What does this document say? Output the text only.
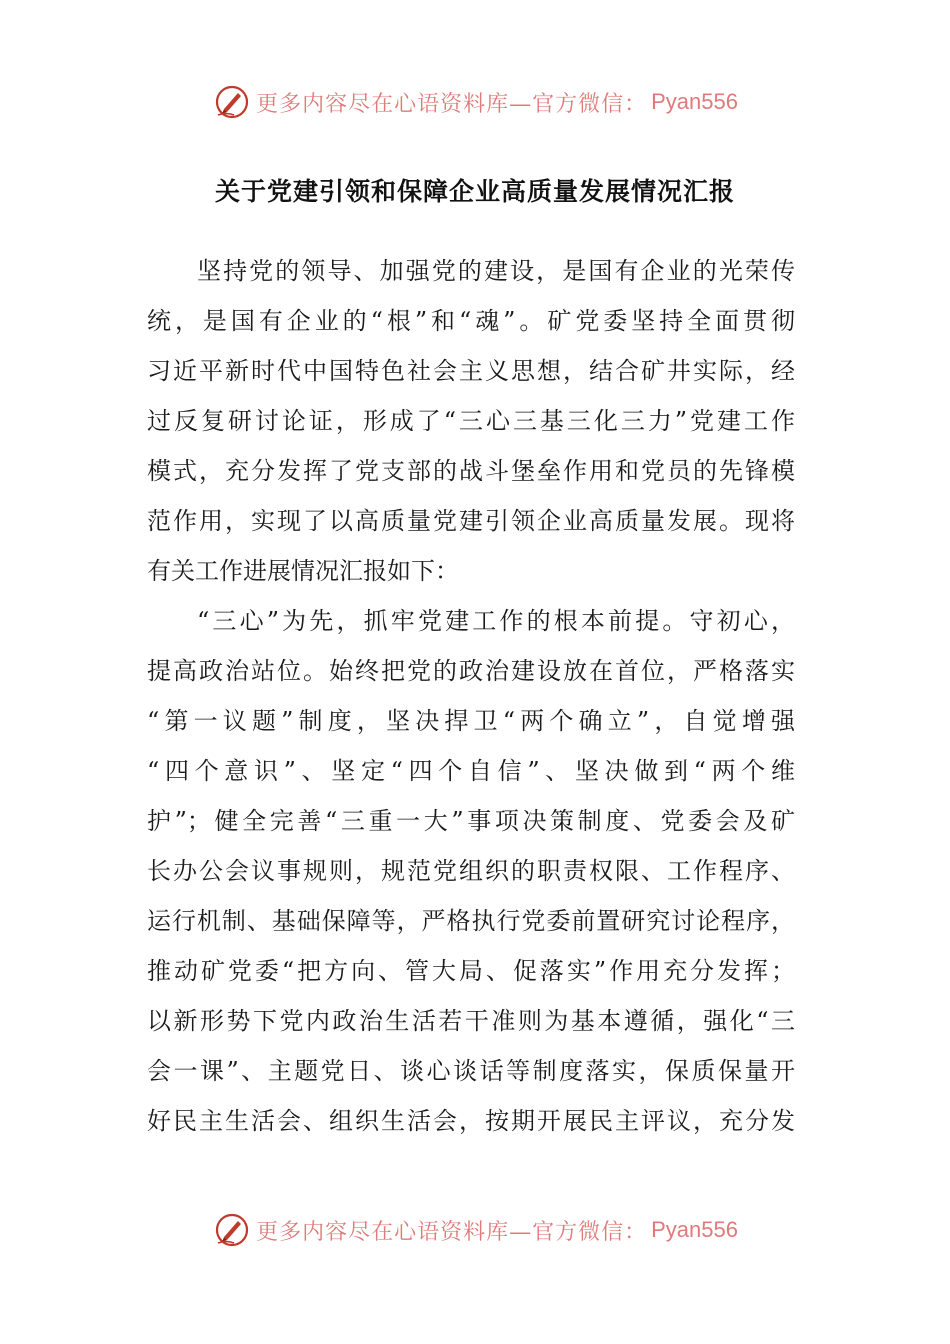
更多内容尽在心语资料库—官方微信： Pyan556
关于党建引领和保障企业高质量发展情况汇报
坚持党的领导、加强党的建设，是国有企业的光荣传
统，是国有企业的“根”和“魂”。矿党委坚持全面贯彻
习近平新时代中国特色社会主义思想，结合矿井实际，经
过反复研讨论证，形成了“三心三基三化三力”党建工作
模式，充分发挥了党支部的战斗堡垒作用和党员的先锋模
范作用，实现了以高质量党建引领企业高质量发展。现将
有关工作进展情况汇报如下：
“三心”为先，抓牢党建工作的根本前提。守初心，
提高政治站位。始终把党的政治建设放在首位，严格落实
“第一议题”制度，坚决捍卫“两个确立”，自觉增强
“四个意识”、坚定“四个自信”、坚决做到“两个维
护”；健全完善“三重一大”事项决策制度、党委会及矿
长办公会议事规则，规范党组织的职责权限、工作程序、
运行机制、基础保障等，严格执行党委前置研究讨论程序，
推动矿党委“把方向、管大局、促落实”作用充分发挥；
以新形势下党内政治生活若干准则为基本遵循，强化“三
会一课”、主题党日、谈心谈话等制度落实，保质保量开
好民主生活会、组织生活会，按期开展民主评议，充分发
更多内容尽在心语资料库—官方微信： Pyan556
